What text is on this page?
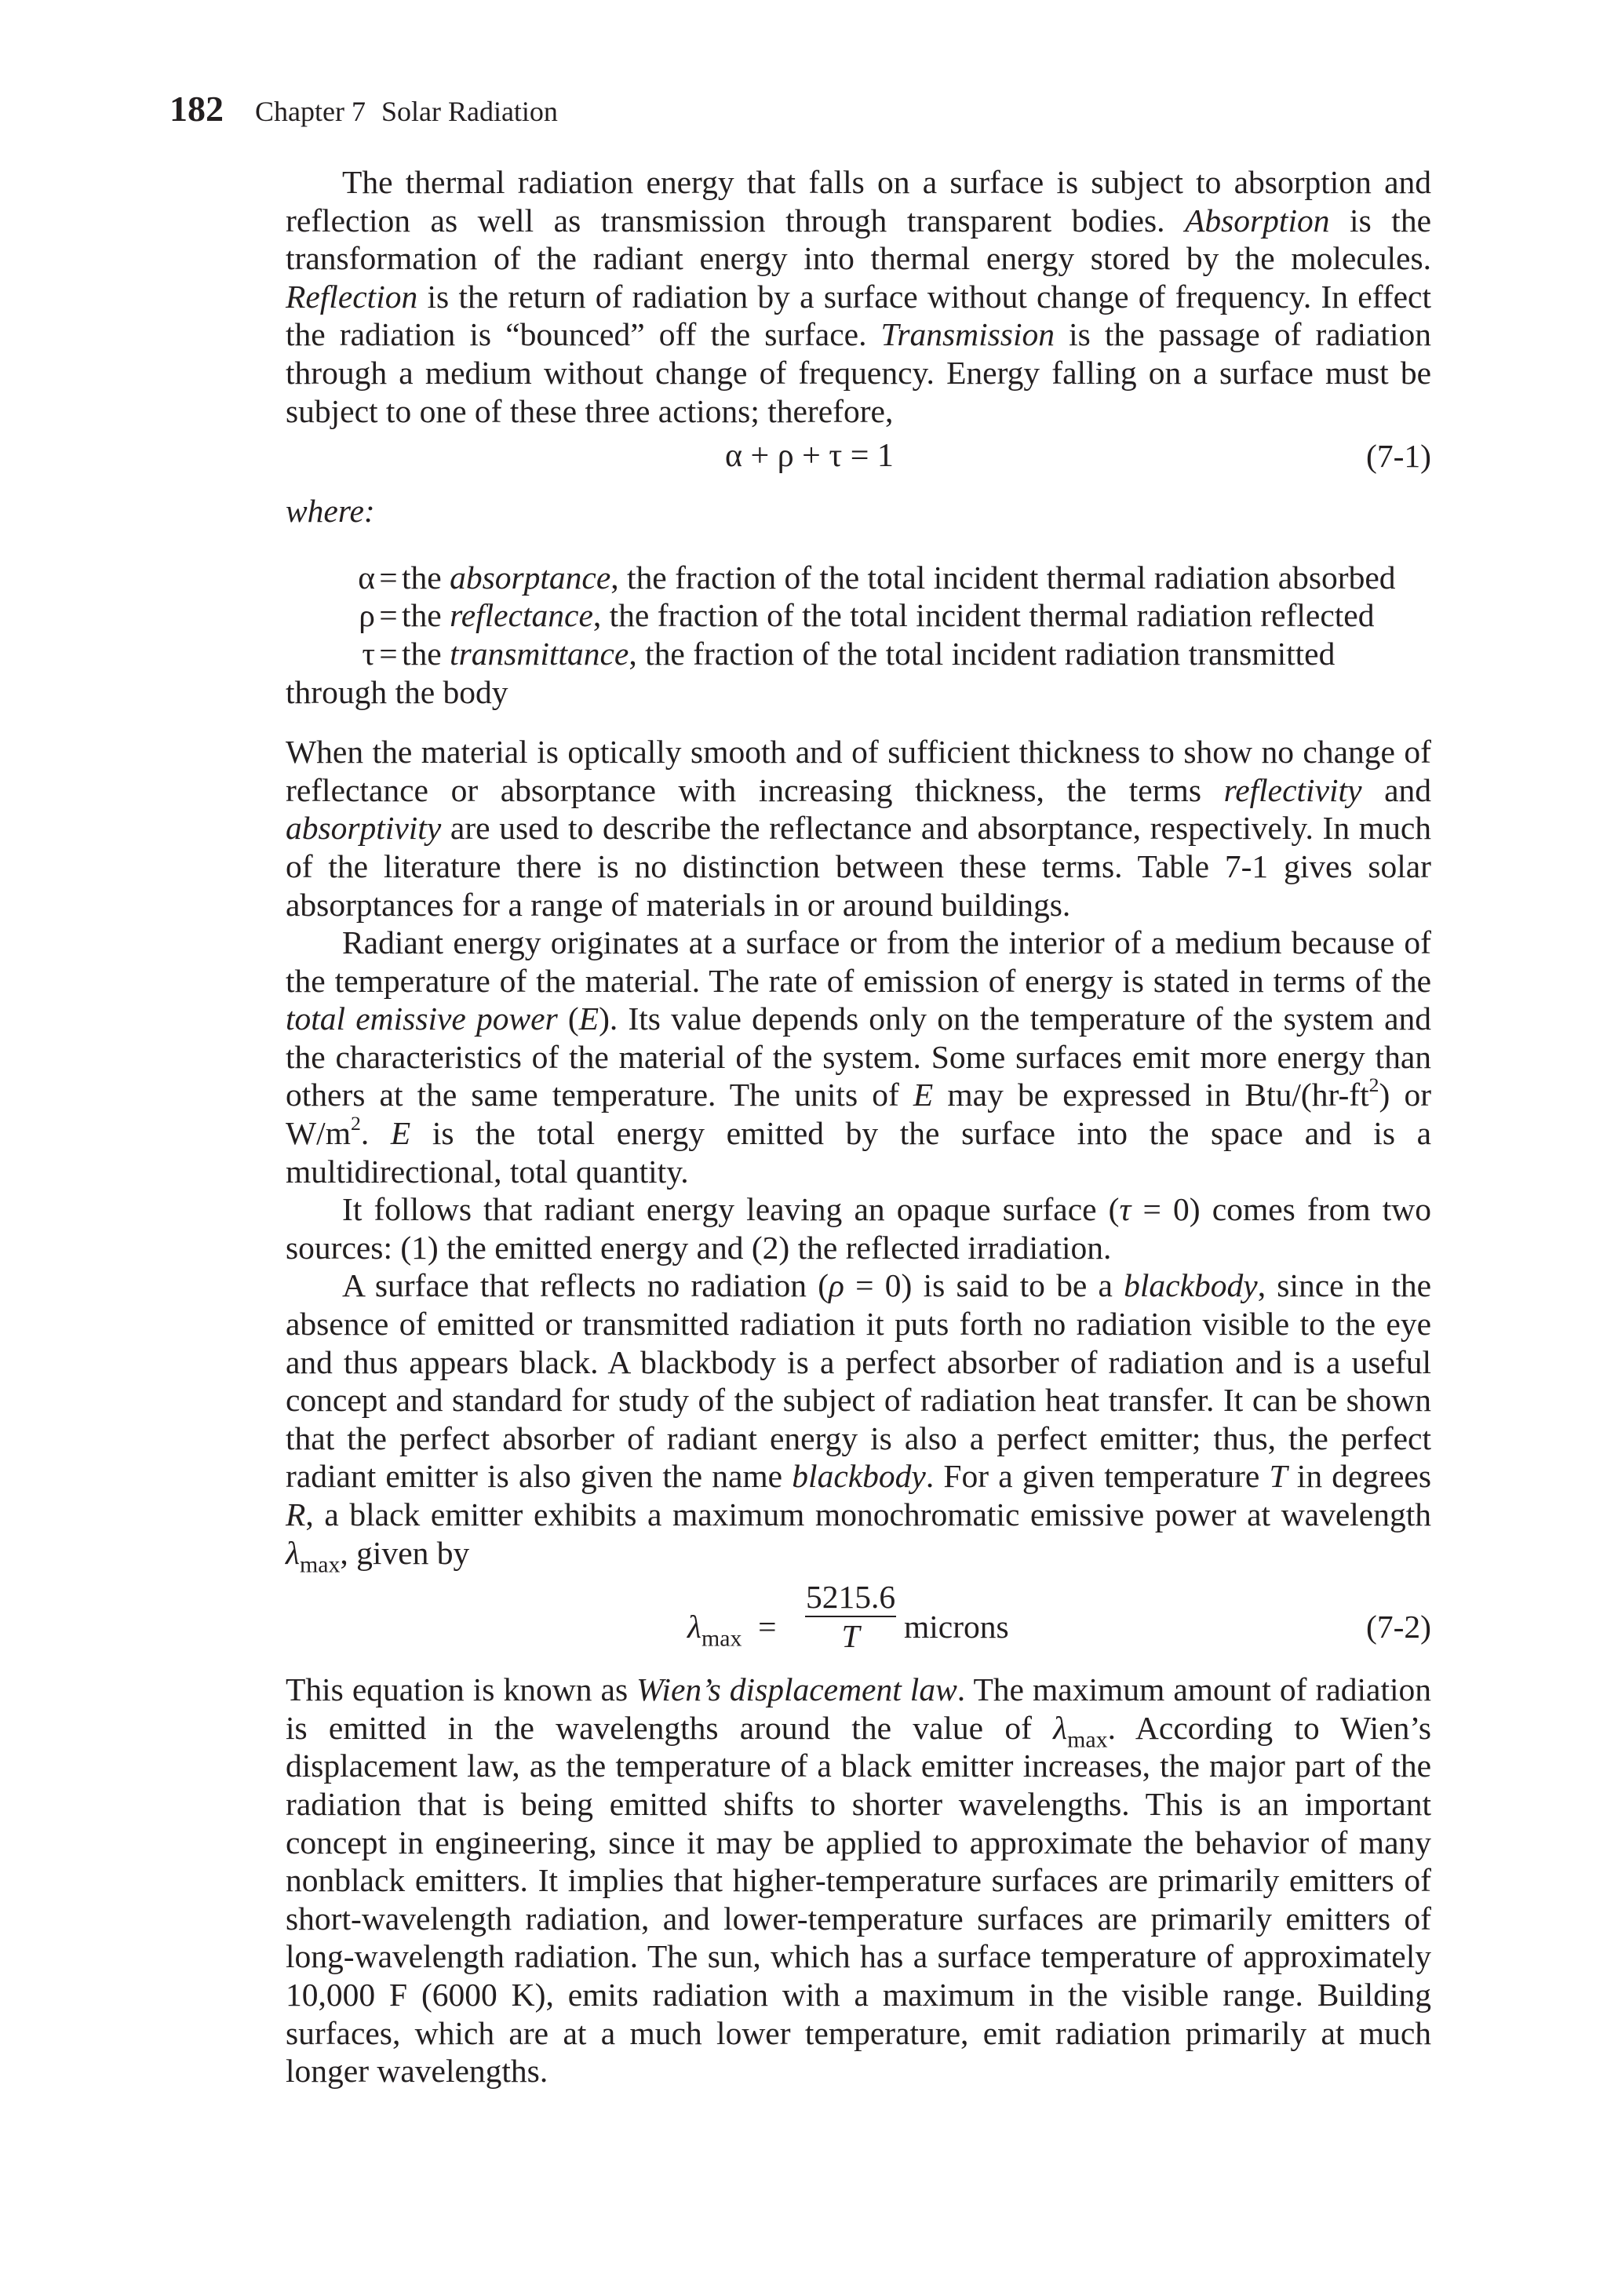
182 Chapter 7 Solar Radiation

The thermal radiation energy that falls on a surface is subject to absorption and reflection as well as transmission through transparent bodies. Absorption is the transformation of the radiant energy into thermal energy stored by the molecules. Reflection is the return of radiation by a surface without change of frequency. In effect the radiation is “bounced” off the surface. Transmission is the passage of radiation through a medium without change of frequency. Energy falling on a surface must be subject to one of these three actions; therefore,

α + ρ + τ = 1	(7-1)
where:
α = the absorptance, the fraction of the total incident thermal radiation absorbed
ρ = the reflectance, the fraction of the total incident thermal radiation reflected
τ = the transmittance, the fraction of the total incident radiation transmitted
through the body

When the material is optically smooth and of sufficient thickness to show no change of reflectance or absorptance with increasing thickness, the terms reflectivity and absorptivity are used to describe the reflectance and absorptance, respectively. In much of the literature there is no distinction between these terms. Table 7-1 gives solar absorptances for a range of materials in or around buildings.

Radiant energy originates at a surface or from the interior of a medium because of the temperature of the material. The rate of emission of energy is stated in terms of the total emissive power (E). Its value depends only on the temperature of the system and the characteristics of the material of the system. Some surfaces emit more energy than others at the same temperature. The units of E may be expressed in Btu/$(hr-ft^2)$ or $W/m^2$. E is the total energy emitted by the surface into the space and is a multidirectional, total quantity.

It follows that radiant energy leaving an opaque surface (τ = 0) comes from two sources: (1) the emitted energy and (2) the reflected irradiation.

A surface that reflects no radiation (ρ = 0) is said to be a blackbody, since in the absence of emitted or transmitted radiation it puts forth no radiation visible to the eye and thus appears black. A blackbody is a perfect absorber of radiation and is a useful concept and standard for study of the subject of radiation heat transfer. It can be shown that the perfect absorber of radiant energy is also a perfect emitter; thus, the perfect radiant emitter is also given the name blackbody. For a given temperature T in degrees R, a black emitter exhibits a maximum monochromatic emissive power at wavelength $\lambda_{max}$, given by

$\lambda_{max} = \frac{5215.6}{T}$ microns	(7-2)

This equation is known as Wien’s displacement law. The maximum amount of radiation is emitted in the wavelengths around the value of $\lambda_{max}$. According to Wien’s displacement law, as the temperature of a black emitter increases, the major part of the radiation that is being emitted shifts to shorter wavelengths. This is an important concept in engineering, since it may be applied to approximate the behavior of many nonblack emitters. It implies that higher-temperature surfaces are primarily emitters of short-wavelength radiation, and lower-temperature surfaces are primarily emitters of long-wavelength radiation. The sun, which has a surface temperature of approximately 10,000 F (6000 K), emits radiation with a maximum in the visible range. Building surfaces, which are at a much lower temperature, emit radiation primarily at much longer wavelengths.
